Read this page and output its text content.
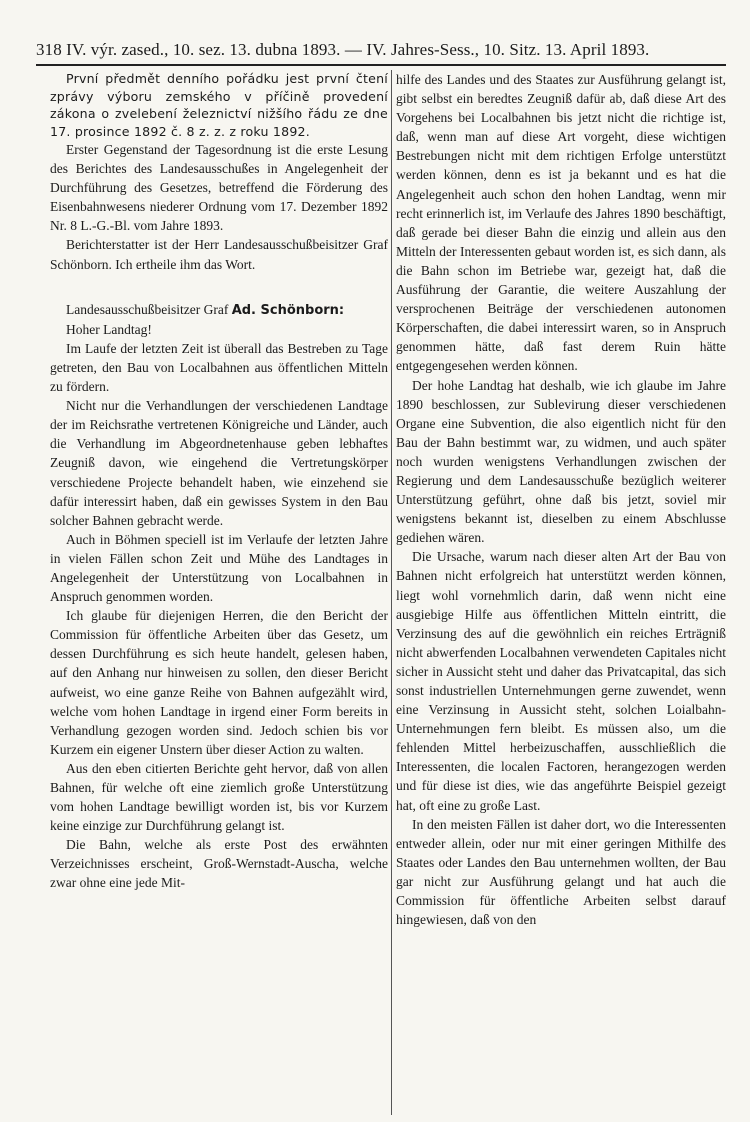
318 IV. výr. zased., 10. sez. 13. dubna 1893. — IV. Jahres-Sess., 10. Sitz. 13. April 1893.

První předmět denního pořádku jest první čtení zprávy výboru zemského v příčině provedení zákona o zvelebení železnictví nižšího řádu ze dne 17. prosince 1892 č. 8 z. z. z roku 1892.

Erster Gegenstand der Tagesordnung ist die erste Lesung des Berichtes des Landesausschußes in Angelegenheit der Durchführung des Gesetzes, betreffend die Förderung des Eisenbahnwesens niederer Ordnung vom 17. Dezember 1892 Nr. 8 L.-G.-Bl. vom Jahre 1893.

Berichterstatter ist der Herr Landesausschußbeisitzer Graf Schönborn. Ich ertheile ihm das Wort.

Landesausschußbeisitzer Graf Ad. Schönborn:

Hoher Landtag!

Im Laufe der letzten Zeit ist überall das Bestreben zu Tage getreten, den Bau von Localbahnen aus öffentlichen Mitteln zu fördern.

Nicht nur die Verhandlungen der verschiedenen Landtage der im Reichsrathe vertretenen Königreiche und Länder, auch die Verhandlung im Abgeordnetenhause geben lebhaftes Zeugniß davon, wie eingehend die Vertretungskörper verschiedene Projecte behandelt haben, wie einzehend sie dafür interessirt haben, daß ein gewisses System in den Bau solcher Bahnen gebracht werde.

Auch in Böhmen speciell ist im Verlaufe der letzten Jahre in vielen Fällen schon Zeit und Mühe des Landtages in Angelegenheit der Unterstützung von Localbahnen in Anspruch genommen worden.

Ich glaube für diejenigen Herren, die den Bericht der Commission für öffentliche Arbeiten über das Gesetz, um dessen Durchführung es sich heute handelt, gelesen haben, auf den Anhang nur hinweisen zu sollen, den dieser Bericht aufweist, wo eine ganze Reihe von Bahnen aufgezählt wird, welche vom hohen Landtage in irgend einer Form bereits in Verhandlung gezogen worden sind. Jedoch schien bis vor Kurzem ein eigener Unstern über dieser Action zu walten.

Aus den eben citierten Berichte geht hervor, daß von allen Bahnen, für welche oft eine ziemlich große Unterstützung vom hohen Landtage bewilligt worden ist, bis vor Kurzem keine einzige zur Durchführung gelangt ist.

Die Bahn, welche als erste Post des erwähnten Verzeichnisses erscheint, Groß-Wernstadt-Auscha, welche zwar ohne eine jede Mit-

hilfe des Landes und des Staates zur Ausführung gelangt ist, gibt selbst ein beredtes Zeugniß dafür ab, daß diese Art des Vorgehens bei Localbahnen bis jetzt nicht die richtige ist, daß, wenn man auf diese Art vorgeht, diese wichtigen Bestrebungen nicht mit dem richtigen Erfolge unterstützt werden können, denn es ist ja bekannt und es hat die Angelegenheit auch schon den hohen Landtag, wenn mir recht erinnerlich ist, im Verlaufe des Jahres 1890 beschäftigt, daß gerade bei dieser Bahn die einzig und allein aus den Mitteln der Interessenten gebaut worden ist, es sich dann, als die Bahn schon im Betriebe war, gezeigt hat, daß die Ausführung der Garantie, die weitere Auszahlung der versprochenen Beiträge der verschiedenen autonomen Körperschaften, die dabei interessirt waren, so in Anspruch genommen hätte, daß fast derem Ruin hätte entgegengesehen werden können.

Der hohe Landtag hat deshalb, wie ich glaube im Jahre 1890 beschlossen, zur Sublevirung dieser verschiedenen Organe eine Subvention, die also eigentlich nicht für den Bau der Bahn bestimmt war, zu widmen, und auch später noch wurden wenigstens Verhandlungen zwischen der Regierung und dem Landesausschuße bezüglich weiterer Unterstützung geführt, ohne daß bis jetzt, soviel mir wenigstens bekannt ist, dieselben zu einem Abschlusse gediehen wären.

Die Ursache, warum nach dieser alten Art der Bau von Bahnen nicht erfolgreich hat unterstützt werden können, liegt wohl vornehmlich darin, daß wenn nicht eine ausgiebige Hilfe aus öffentlichen Mitteln eintritt, die Verzinsung des auf die gewöhnlich ein reiches Erträgniß nicht abwerfenden Localbahnen verwendeten Capitales nicht sicher in Aussicht steht und daher das Privatcapital, das sich sonst industriellen Unternehmungen gerne zuwendet, wenn eine Verzinsung in Aussicht steht, solchen Loialbahn-Unternehmungen fern bleibt. Es müssen also, um die fehlenden Mittel herbeizuschaffen, ausschließlich die Interessenten, die localen Factoren, herangezogen werden und für diese ist dies, wie das angeführte Beispiel gezeigt hat, oft eine zu große Last.

In den meisten Fällen ist daher dort, wo die Interessenten entweder allein, oder nur mit einer geringen Mithilfe des Staates oder Landes den Bau unternehmen wollten, der Bau gar nicht zur Ausführung gelangt und hat auch die Commission für öffentliche Arbeiten selbst darauf hingewiesen, daß von den
